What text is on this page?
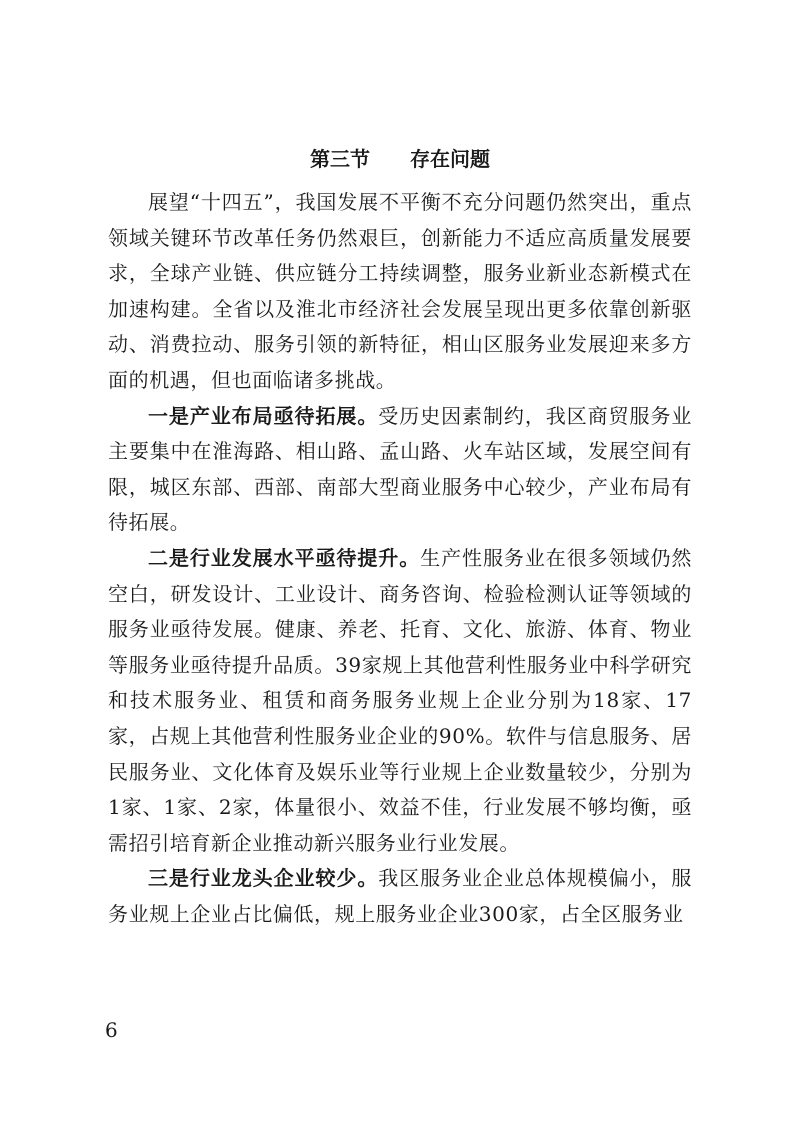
第三节　　存在问题

展望“十四五”，我国发展不平衡不充分问题仍然突出，重点领域关键环节改革任务仍然艰巨，创新能力不适应高质量发展要求，全球产业链、供应链分工持续调整，服务业新业态新模式在加速构建。全省以及淮北市经济社会发展呈现出更多依靠创新驱动、消费拉动、服务引领的新特征，相山区服务业发展迎来多方面的机遇，但也面临诸多挑战。

一是产业布局亟待拓展。受历史因素制约，我区商贸服务业主要集中在淮海路、相山路、孟山路、火车站区域，发展空间有限，城区东部、西部、南部大型商业服务中心较少，产业布局有待拓展。

二是行业发展水平亟待提升。生产性服务业在很多领域仍然空白，研发设计、工业设计、商务咨询、检验检测认证等领域的服务业亟待发展。健康、养老、托育、文化、旅游、体育、物业等服务业亟待提升品质。39家规上其他营利性服务业中科学研究和技术服务业、租赁和商务服务业规上企业分别为18家、17家，占规上其他营利性服务业企业的90%。软件与信息服务、居民服务业、文化体育及娱乐业等行业规上企业数量较少，分别为1家、1家、2家，体量很小、效益不佳，行业发展不够均衡，亟需招引培育新企业推动新兴服务业行业发展。

三是行业龙头企业较少。我区服务业企业总体规模偏小，服务业规上企业占比偏低，规上服务业企业300家，占全区服务业

6
